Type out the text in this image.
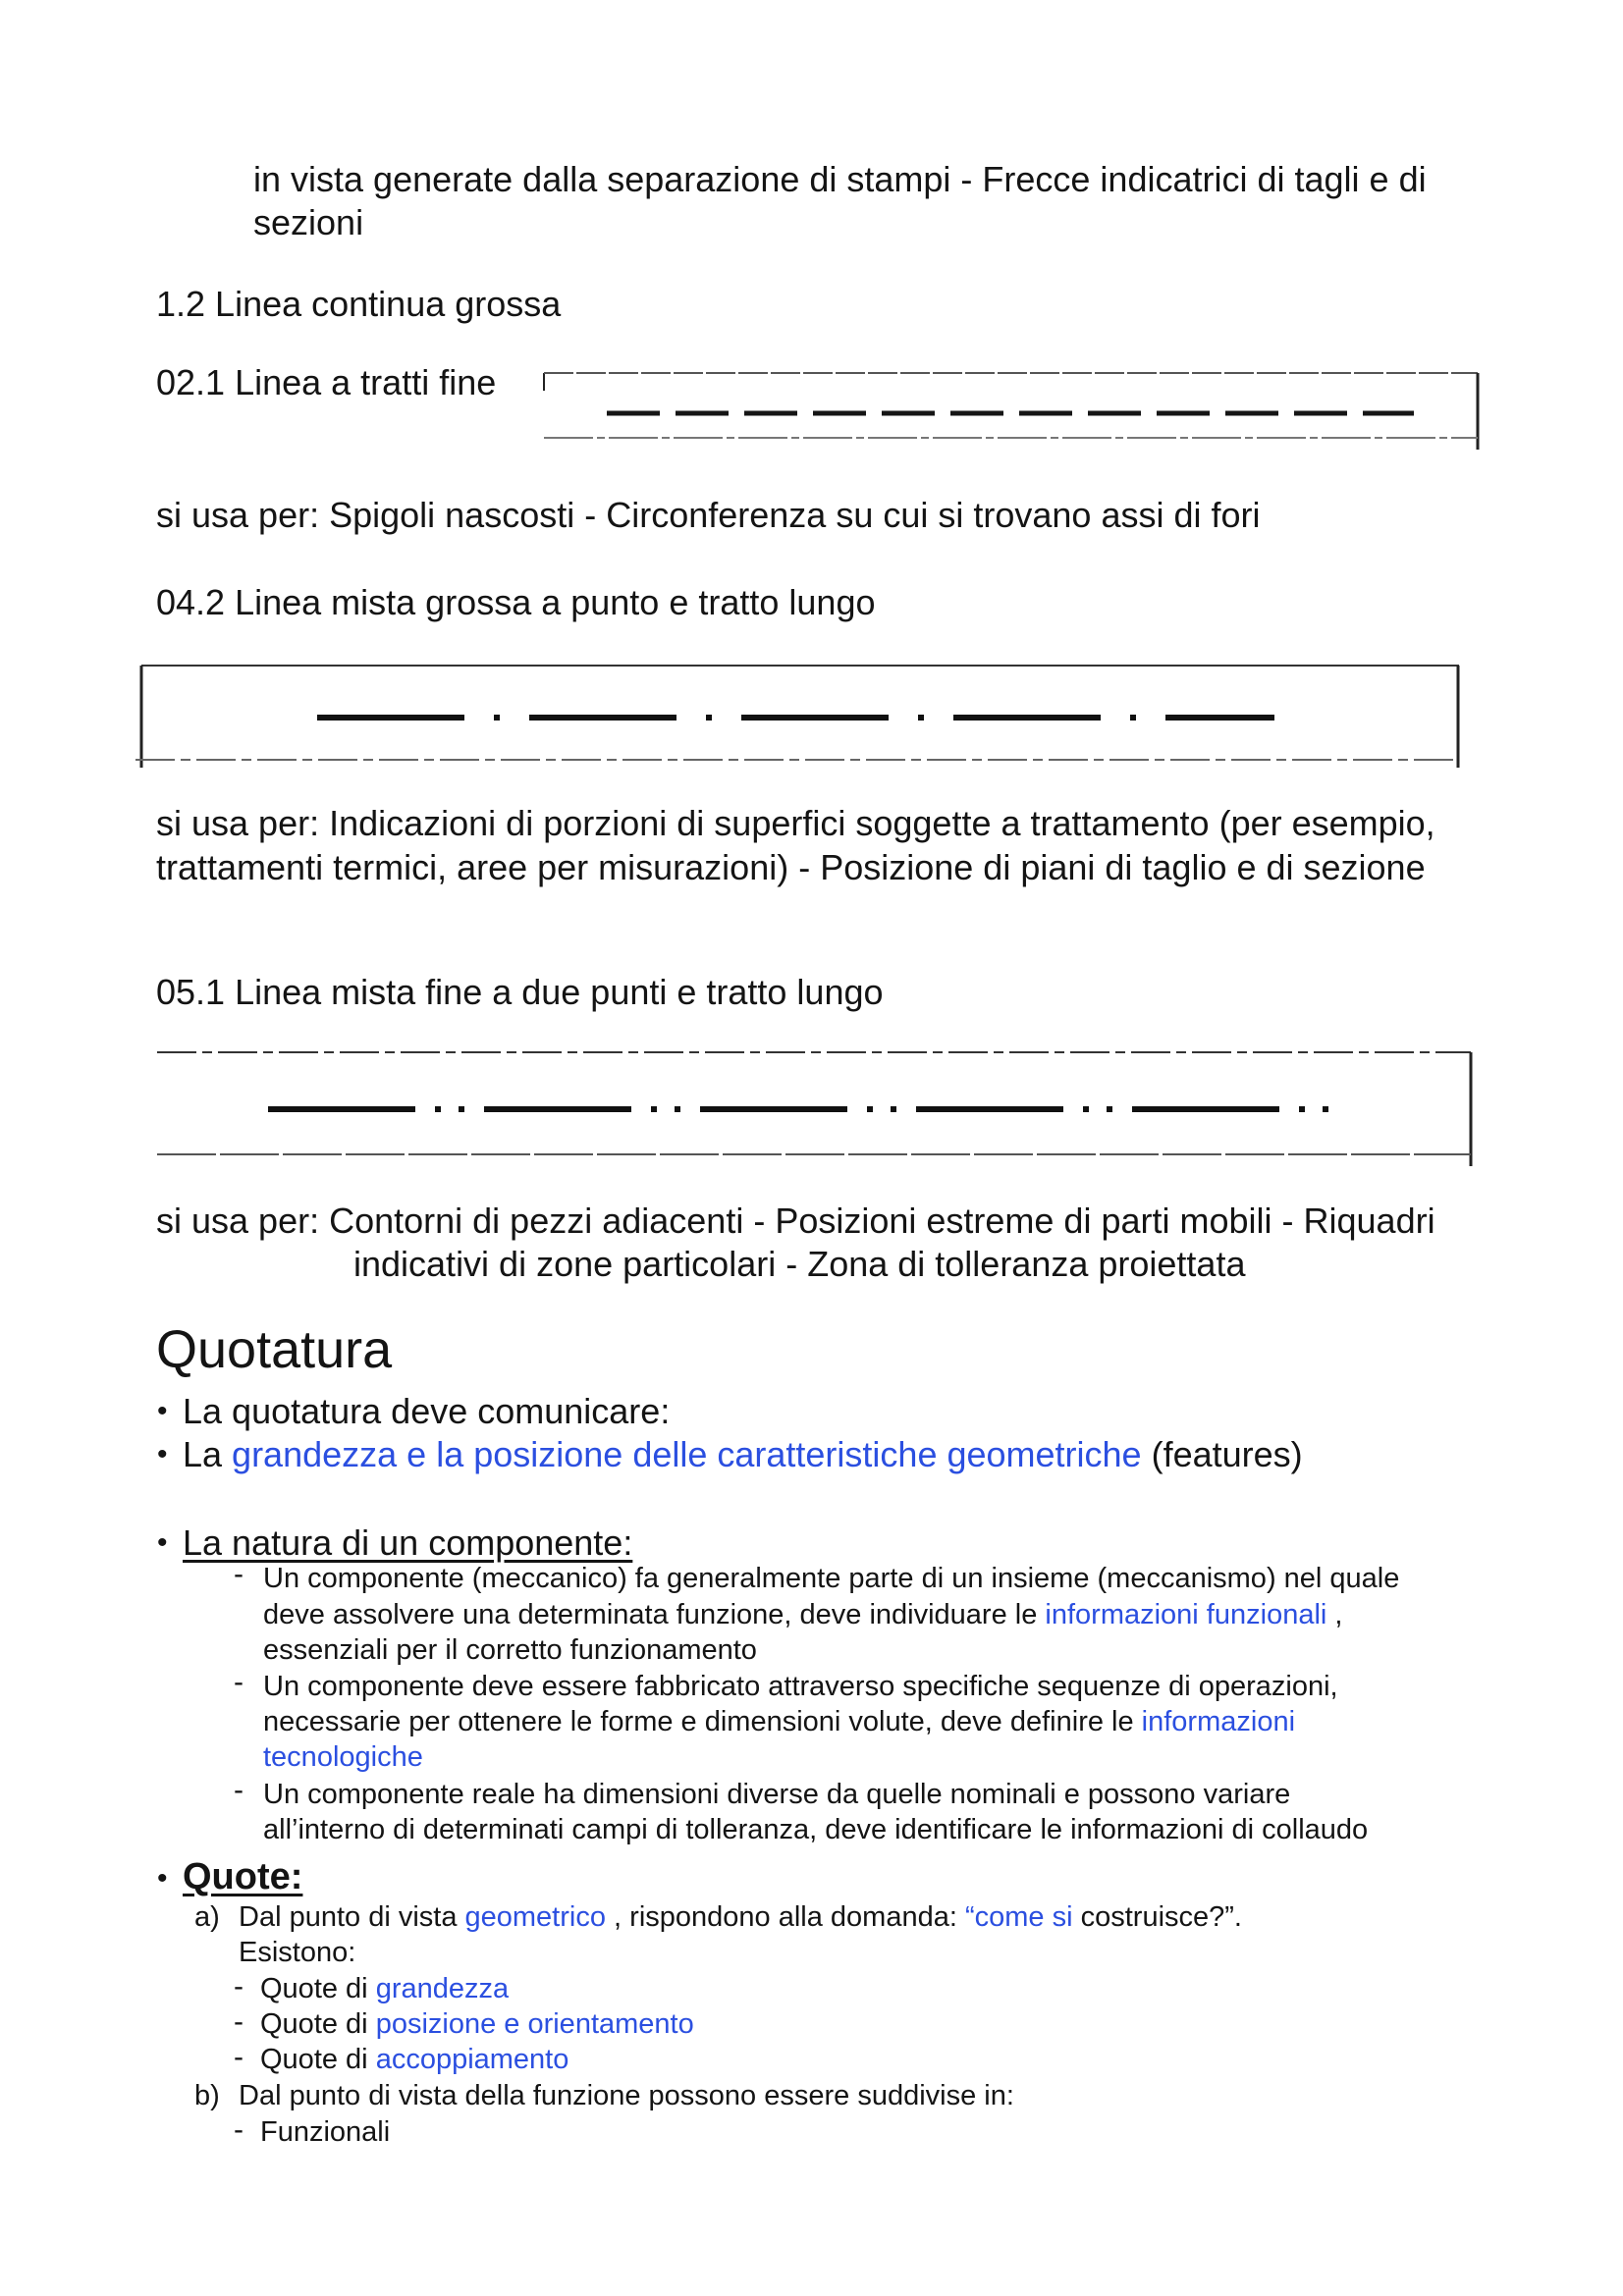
in vista generate dalla separazione di stampi - Frecce indicatrici di tagli e di
sezioni
1.2 Linea continua grossa
02.1 Linea a tratti fine
si usa per: Spigoli nascosti - Circonferenza su cui si trovano assi di fori
04.2 Linea mista grossa a punto e tratto lungo
si usa per: Indicazioni di porzioni di superfici soggette a trattamento (per esempio,
trattamenti termici, aree per misurazioni) - Posizione di piani di taglio e di sezione
05.1 Linea mista fine a due punti e tratto lungo
si usa per: Contorni di pezzi adiacenti - Posizioni estreme di parti mobili - Riquadri
indicativi di zone particolari - Zona di tolleranza proiettata
Quotatura
• La quotatura deve comunicare:
• La grandezza e la posizione delle caratteristiche geometriche (features)
• La natura di un componente:
- Un componente (meccanico) fa generalmente parte di un insieme (meccanismo) nel quale
deve assolvere una determinata funzione, deve individuare le informazioni funzionali ,
essenziali per il corretto funzionamento
- Un componente deve essere fabbricato attraverso specifiche sequenze di operazioni,
necessarie per ottenere le forme e dimensioni volute, deve definire le informazioni
tecnologiche
- Un componente reale ha dimensioni diverse da quelle nominali e possono variare
all’interno di determinati campi di tolleranza, deve identificare le informazioni di collaudo
• Quote:
a) Dal punto di vista geometrico , rispondono alla domanda: “come si costruisce?”.
Esistono:
- Quote di grandezza
- Quote di posizione e orientamento
- Quote di accoppiamento
b) Dal punto di vista della funzione possono essere suddivise in:
- Funzionali
